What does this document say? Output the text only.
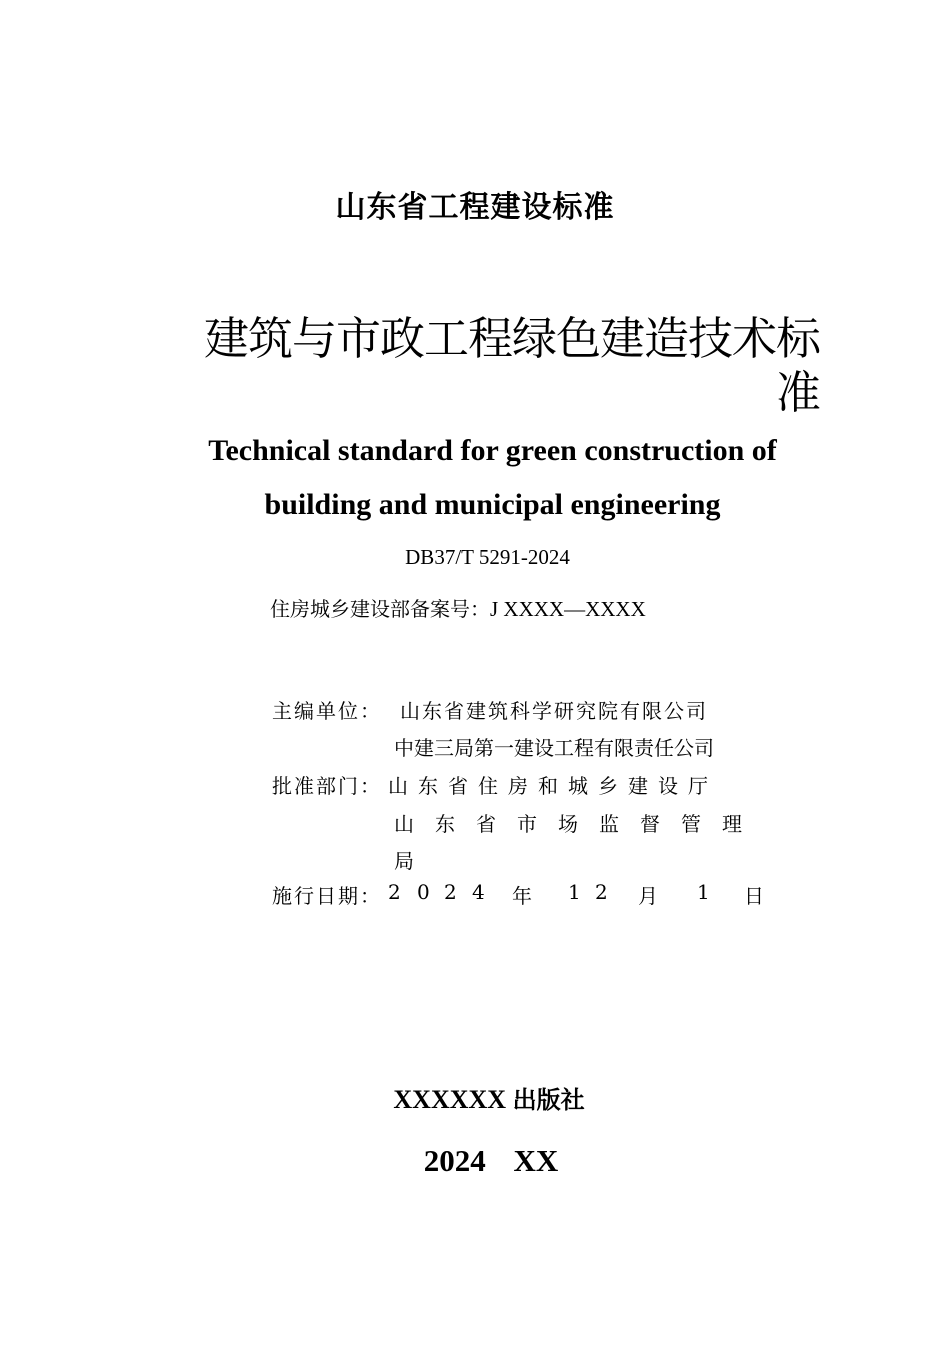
山东省工程建设标准
建筑与市政工程绿色建造技术标准
Technical standard for green construction of
building and municipal engineering
DB37/T 5291-2024
住房城乡建设部备案号：J XXXX—XXXX
主编单位： 山东省建筑科学研究院有限公司
中建三局第一建设工程有限责任公司
批准部门： 山东省住房和城乡建设厅
山东省市场监督管理
局
施行日期： 2 0 2 4 年 1 2 月 1 日
XXXXXX 出版社
2024 XX
